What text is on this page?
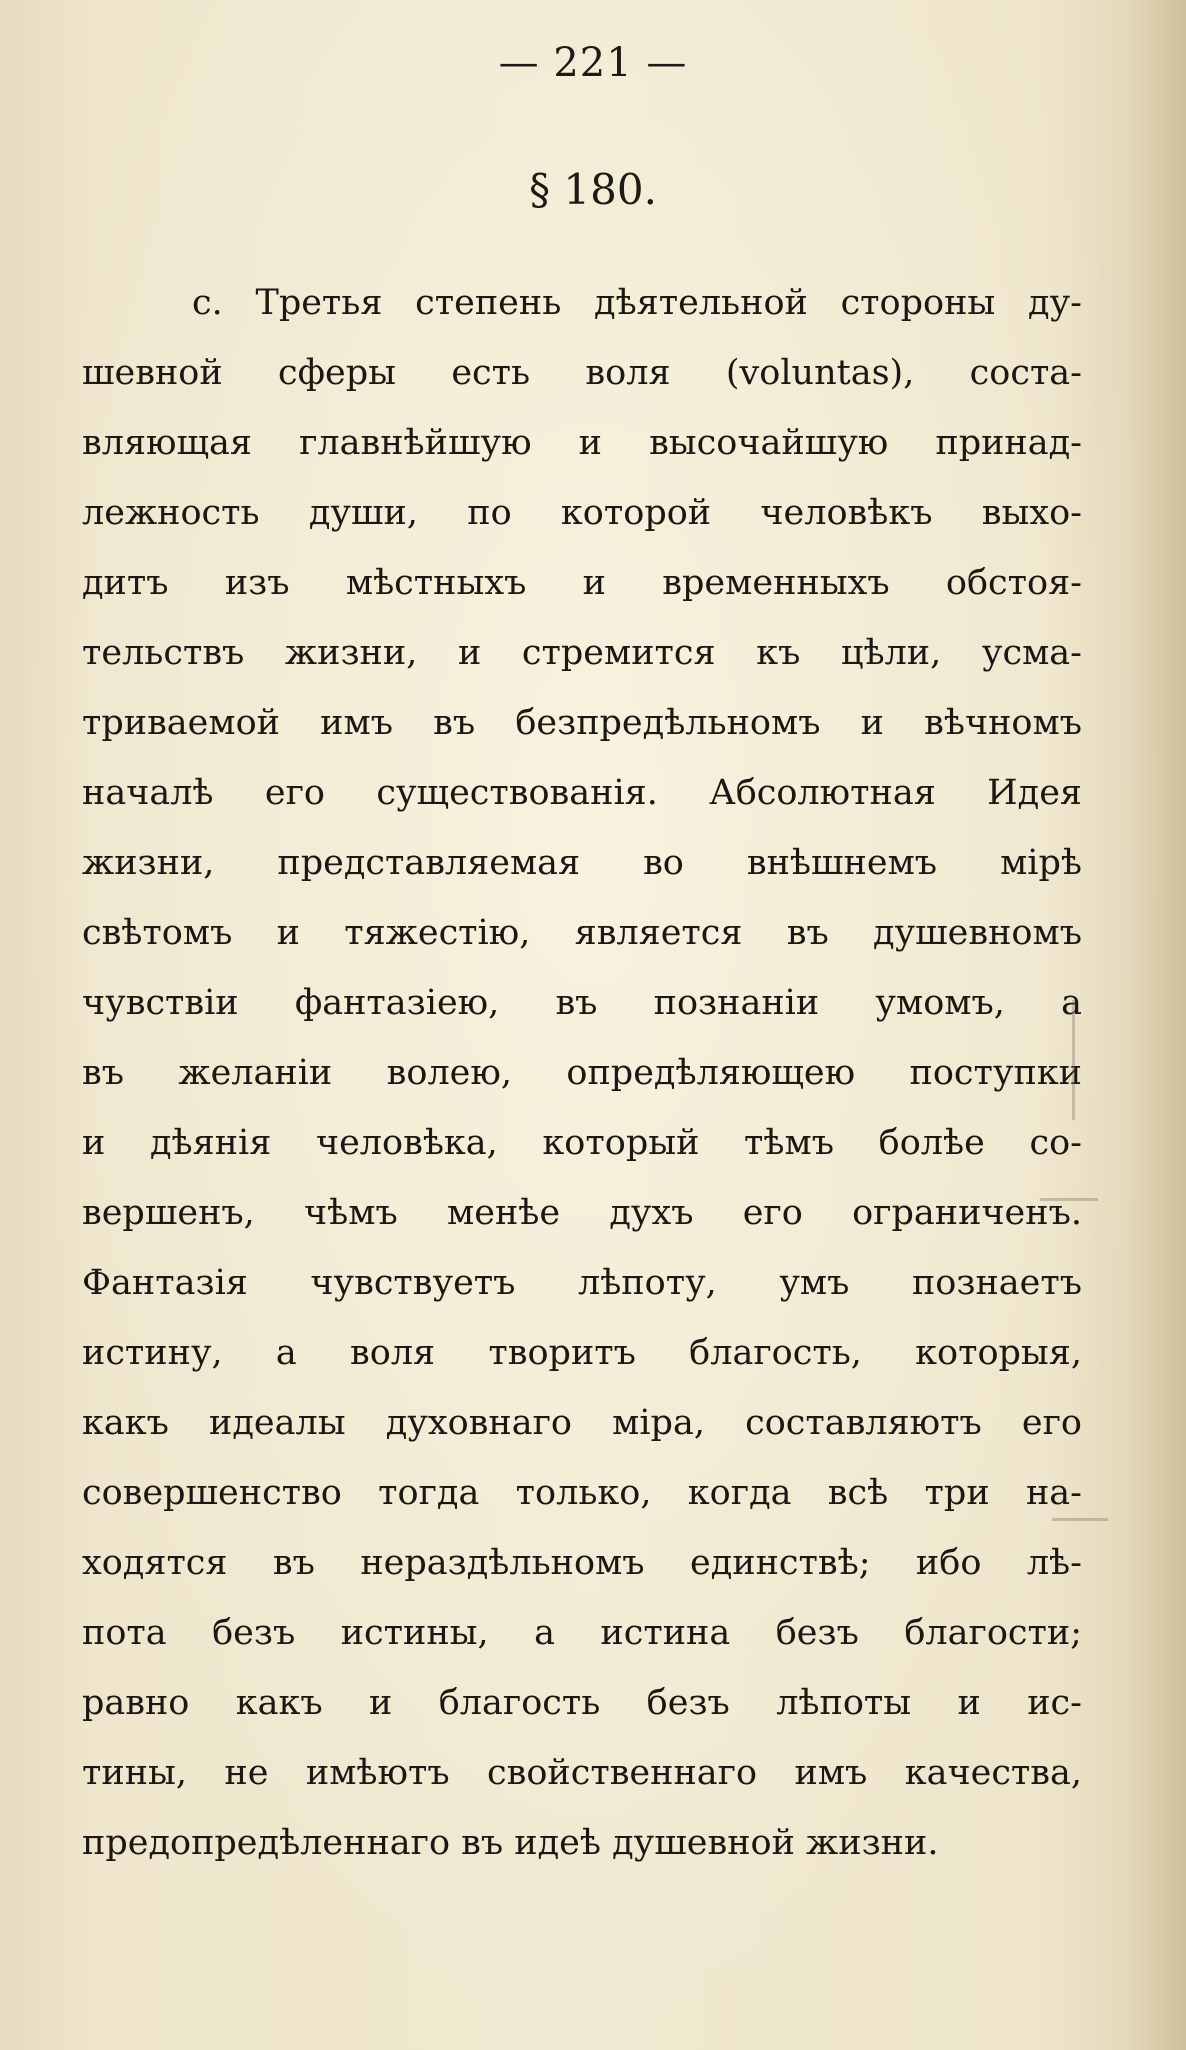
— 221 —
§ 180.
c. Третья степень дѣятельной стороны ду-
шевной сферы есть воля (voluntas), соста-
вляющая главнѣйшую и высочайшую принад-
лежность души, по которой человѣкъ выхо-
дитъ изъ мѣстныхъ и временныхъ обстоя-
тельствъ жизни, и стремится къ цѣли, усма-
триваемой имъ въ безпредѣльномъ и вѣчномъ
началѣ его существованія. Абсолютная Идея
жизни, представляемая во внѣшнемъ мірѣ
свѣтомъ и тяжестію, является въ душевномъ
чувствіи фантазіею, въ познаніи умомъ, а
въ желаніи волею, опредѣляющею поступки
и дѣянія человѣка, который тѣмъ болѣе со-
вершенъ, чѣмъ менѣе духъ его ограниченъ.
Фантазія чувствуетъ лѣпоту, умъ познаетъ
истину, а воля творитъ благость, которыя,
какъ идеалы духовнаго міра, составляютъ его
совершенство тогда только, когда всѣ три на-
ходятся въ нераздѣльномъ единствѣ; ибо лѣ-
пота безъ истины, а истина безъ благости;
равно какъ и благость безъ лѣпоты и ис-
тины, не имѣютъ свойственнаго имъ качества,
предопредѣленнаго въ идеѣ душевной жизни.
